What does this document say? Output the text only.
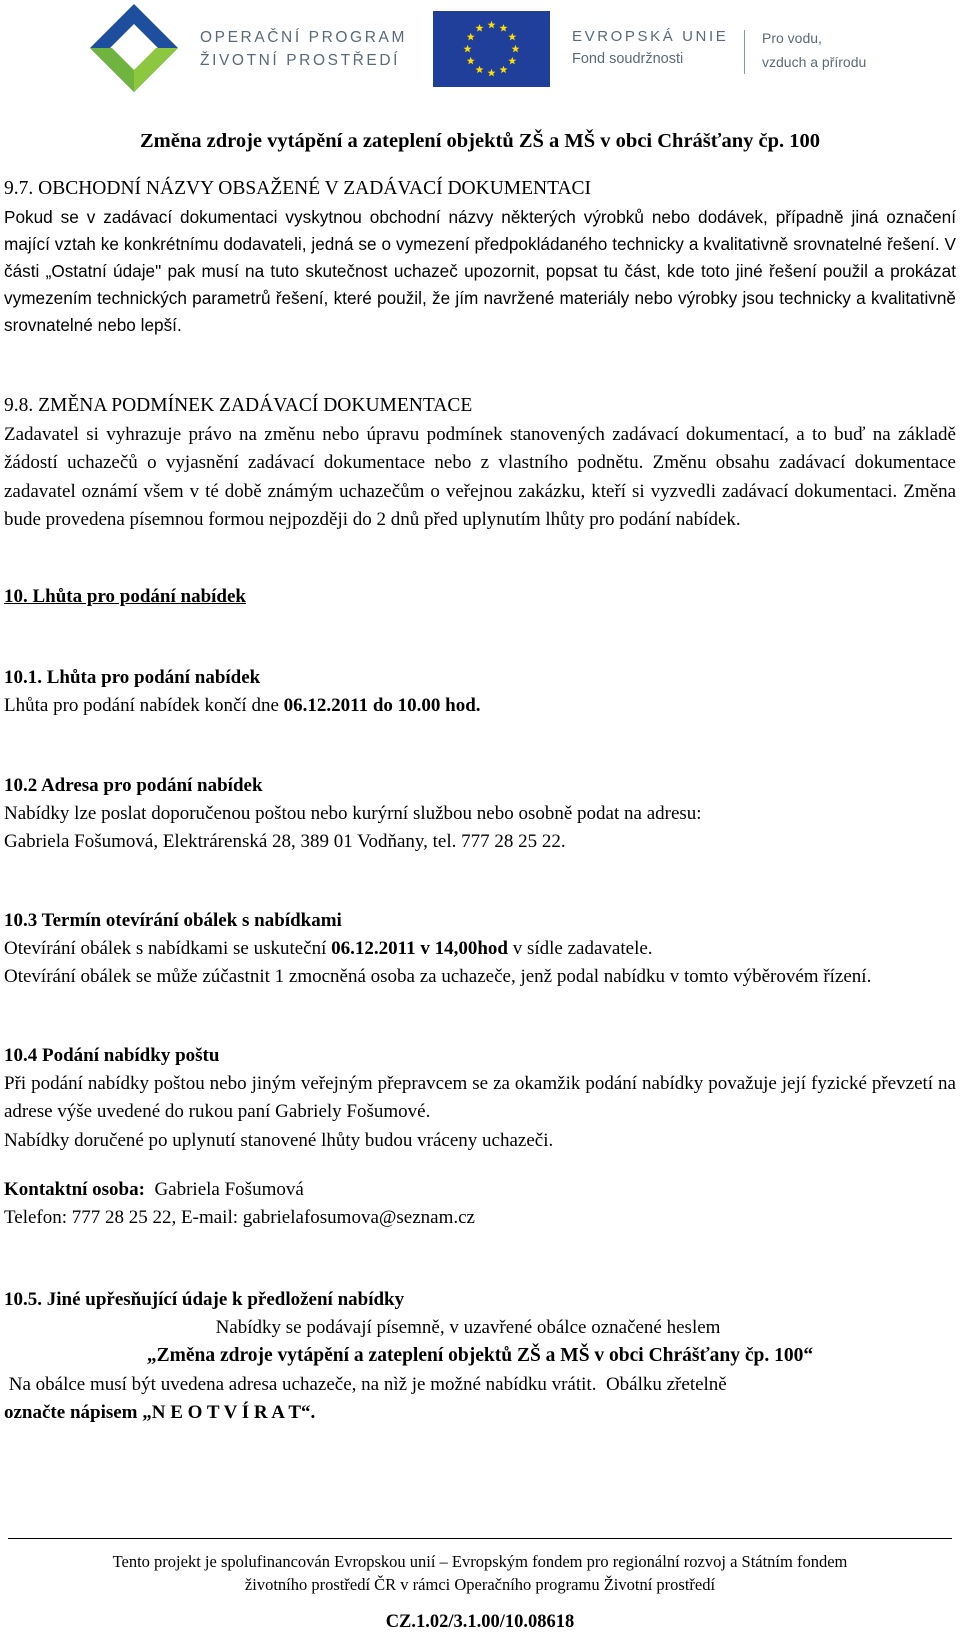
OPERAČNÍ PROGRAM
ŽIVOTNÍ PROSTŘEDÍ
EVROPSKÁ UNIE
Fond soudržnosti
Pro vodu,
vzduch a přírodu
Změna zdroje vytápění a zateplení objektů ZŠ a MŠ v obci Chrášťany čp. 100

9.7. OBCHODNÍ NÁZVY OBSAŽENÉ V ZADÁVACÍ DOKUMENTACI

Pokud se v zadávací dokumentaci vyskytnou obchodní názvy některých výrobků nebo dodávek, případně jiná označení mající vztah ke konkrétnímu dodavateli, jedná se o vymezení předpokládaného technicky a kvalitativně srovnatelné řešení. V části „Ostatní údaje" pak musí na tuto skutečnost uchazeč upozornit, popsat tu část, kde toto jiné řešení použil a prokázat vymezením technických parametrů řešení, které použil, že jím navržené materiály nebo výrobky jsou technicky a kvalitativně srovnatelné nebo lepší.

9.8. ZMĚNA PODMÍNEK ZADÁVACÍ DOKUMENTACE

Zadavatel si vyhrazuje právo na změnu nebo úpravu podmínek stanovených zadávací dokumentací, a to buď na základě žádostí uchazečů o vyjasnění zadávací dokumentace nebo z vlastního podnětu. Změnu obsahu zadávací dokumentace zadavatel oznámí všem v té době známým uchazečům o veřejnou zakázku, kteří si vyzvedli zadávací dokumentaci. Změna bude provedena písemnou formou nejpozději do 2 dnů před uplynutím lhůty pro podání nabídek.

10. Lhůta pro podání nabídek

10.1. Lhůta pro podání nabídek

Lhůta pro podání nabídek končí dne 06.12.2011 do 10.00 hod.

10.2 Adresa pro podání nabídek

Nabídky lze poslat doporučenou poštou nebo kurýrní službou nebo osobně podat na adresu:

Gabriela Fošumová, Elektrárenská 28, 389 01 Vodňany, tel. 777 28 25 22.

10.3 Termín otevírání obálek s nabídkami

Otevírání obálek s nabídkami se uskuteční 06.12.2011 v 14,00hod v sídle zadavatele.

Otevírání obálek se může zúčastnit 1 zmocněná osoba za uchazeče, jenž podal nabídku v tomto výběrovém řízení.

10.4 Podání nabídky poštu

Při podání nabídky poštou nebo jiným veřejným přepravcem se za okamžik podání nabídky považuje její fyzické převzetí na adrese výše uvedené do rukou paní Gabriely Fošumové.

Nabídky doručené po uplynutí stanovené lhůty budou vráceny uchazeči.

Kontaktní osoba:  Gabriela Fošumová

Telefon: 777 28 25 22, E-mail: gabrielafosumova@seznam.cz

10.5. Jiné upřesňující údaje k předložení nabídky

Nabídky se podávají písemně, v uzavřené obálce označené heslem

„Změna zdroje vytápění a zateplení objektů ZŠ a MŠ v obci Chrášťany čp. 100“

Na obálce musí být uvedena adresa uchazeče, na nìž je možné nabídku vrátit.  Obálku zřetelně

označte nápisem „N E O T V Í R A T“.

Tento projekt je spolufinancován Evropskou unií – Evropským fondem pro regionální rozvoj a Státním fondem
životního prostředí ČR v rámci Operačního programu Životní prostředí
CZ.1.02/3.1.00/10.08618
